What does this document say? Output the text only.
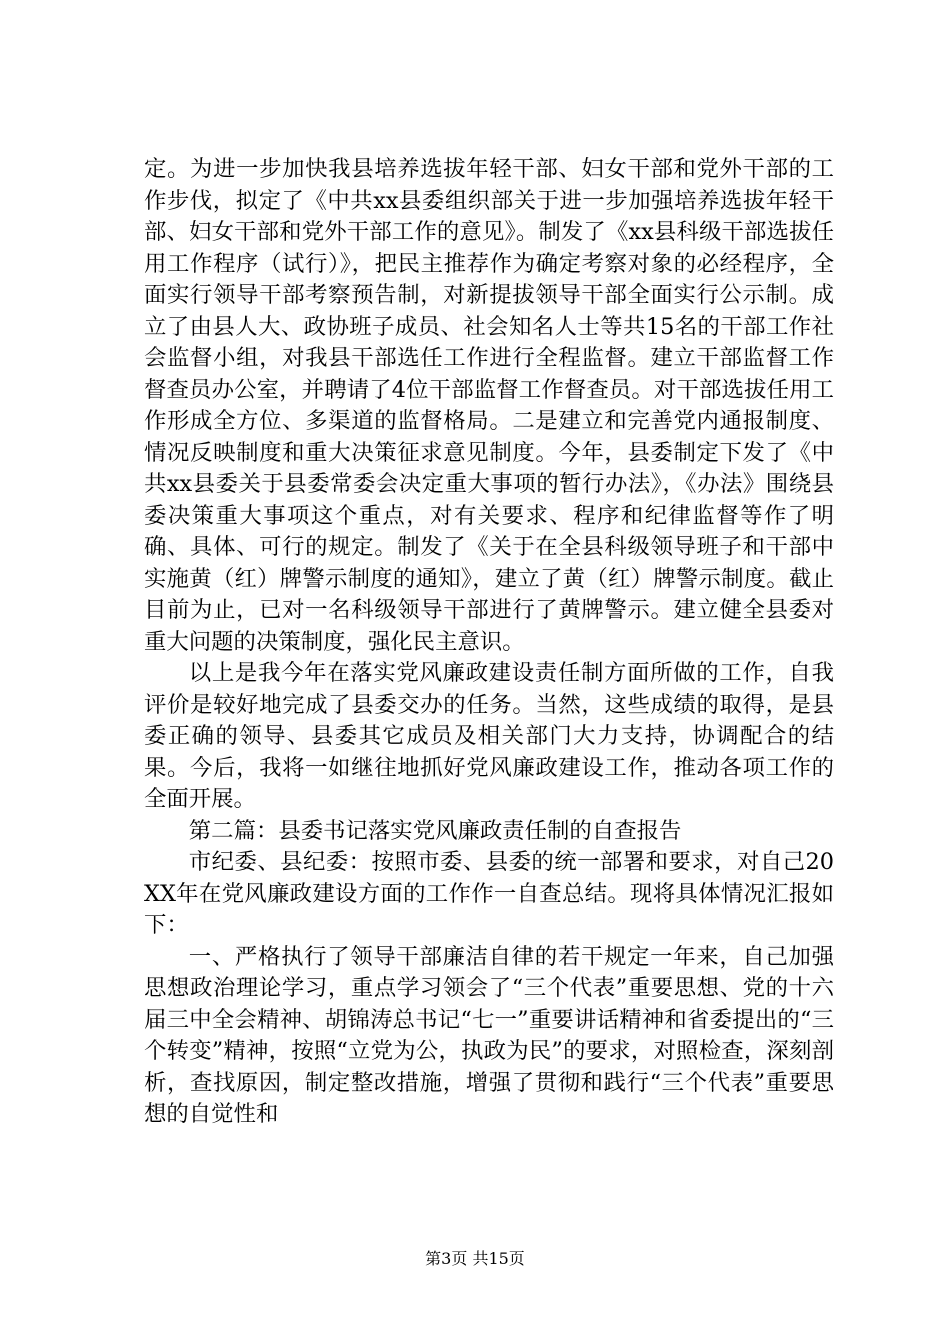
定。为进一步加快我县培养选拔年轻干部、妇女干部和党外干部的工作步伐，拟定了《中共xx县委组织部关于进一步加强培养选拔年轻干部、妇女干部和党外干部工作的意见》。制发了《xx县科级干部选拔任用工作程序（试行）》，把民主推荐作为确定考察对象的必经程序，全面实行领导干部考察预告制，对新提拔领导干部全面实行公示制。成立了由县人大、政协班子成员、社会知名人士等共15名的干部工作社会监督小组，对我县干部选任工作进行全程监督。建立干部监督工作督查员办公室，并聘请了4位干部监督工作督查员。对干部选拔任用工作形成全方位、多渠道的监督格局。二是建立和完善党内通报制度、情况反映制度和重大决策征求意见制度。今年，县委制定下发了《中共xx县委关于县委常委会决定重大事项的暂行办法》，《办法》围绕县委决策重大事项这个重点，对有关要求、程序和纪律监督等作了明确、具体、可行的规定。制发了《关于在全县科级领导班子和干部中实施黄（红）牌警示制度的通知》，建立了黄（红）牌警示制度。截止目前为止，已对一名科级领导干部进行了黄牌警示。建立健全县委对重大问题的决策制度，强化民主意识。

以上是我今年在落实党风廉政建设责任制方面所做的工作，自我评价是较好地完成了县委交办的任务。当然，这些成绩的取得，是县委正确的领导、县委其它成员及相关部门大力支持，协调配合的结果。今后，我将一如继往地抓好党风廉政建设工作，推动各项工作的全面开展。

第二篇：县委书记落实党风廉政责任制的自查报告

市纪委、县纪委：按照市委、县委的统一部署和要求，对自己20XX年在党风廉政建设方面的工作作一自查总结。现将具体情况汇报如下：

一、严格执行了领导干部廉洁自律的若干规定一年来，自己加强思想政治理论学习，重点学习领会了“三个代表”重要思想、党的十六届三中全会精神、胡锦涛总书记“七一”重要讲话精神和省委提出的“三个转变”精神，按照“立党为公，执政为民”的要求，对照检查，深刻剖析，查找原因，制定整改措施，增强了贯彻和践行“三个代表”重要思想的自觉性和

第3页 共15页
